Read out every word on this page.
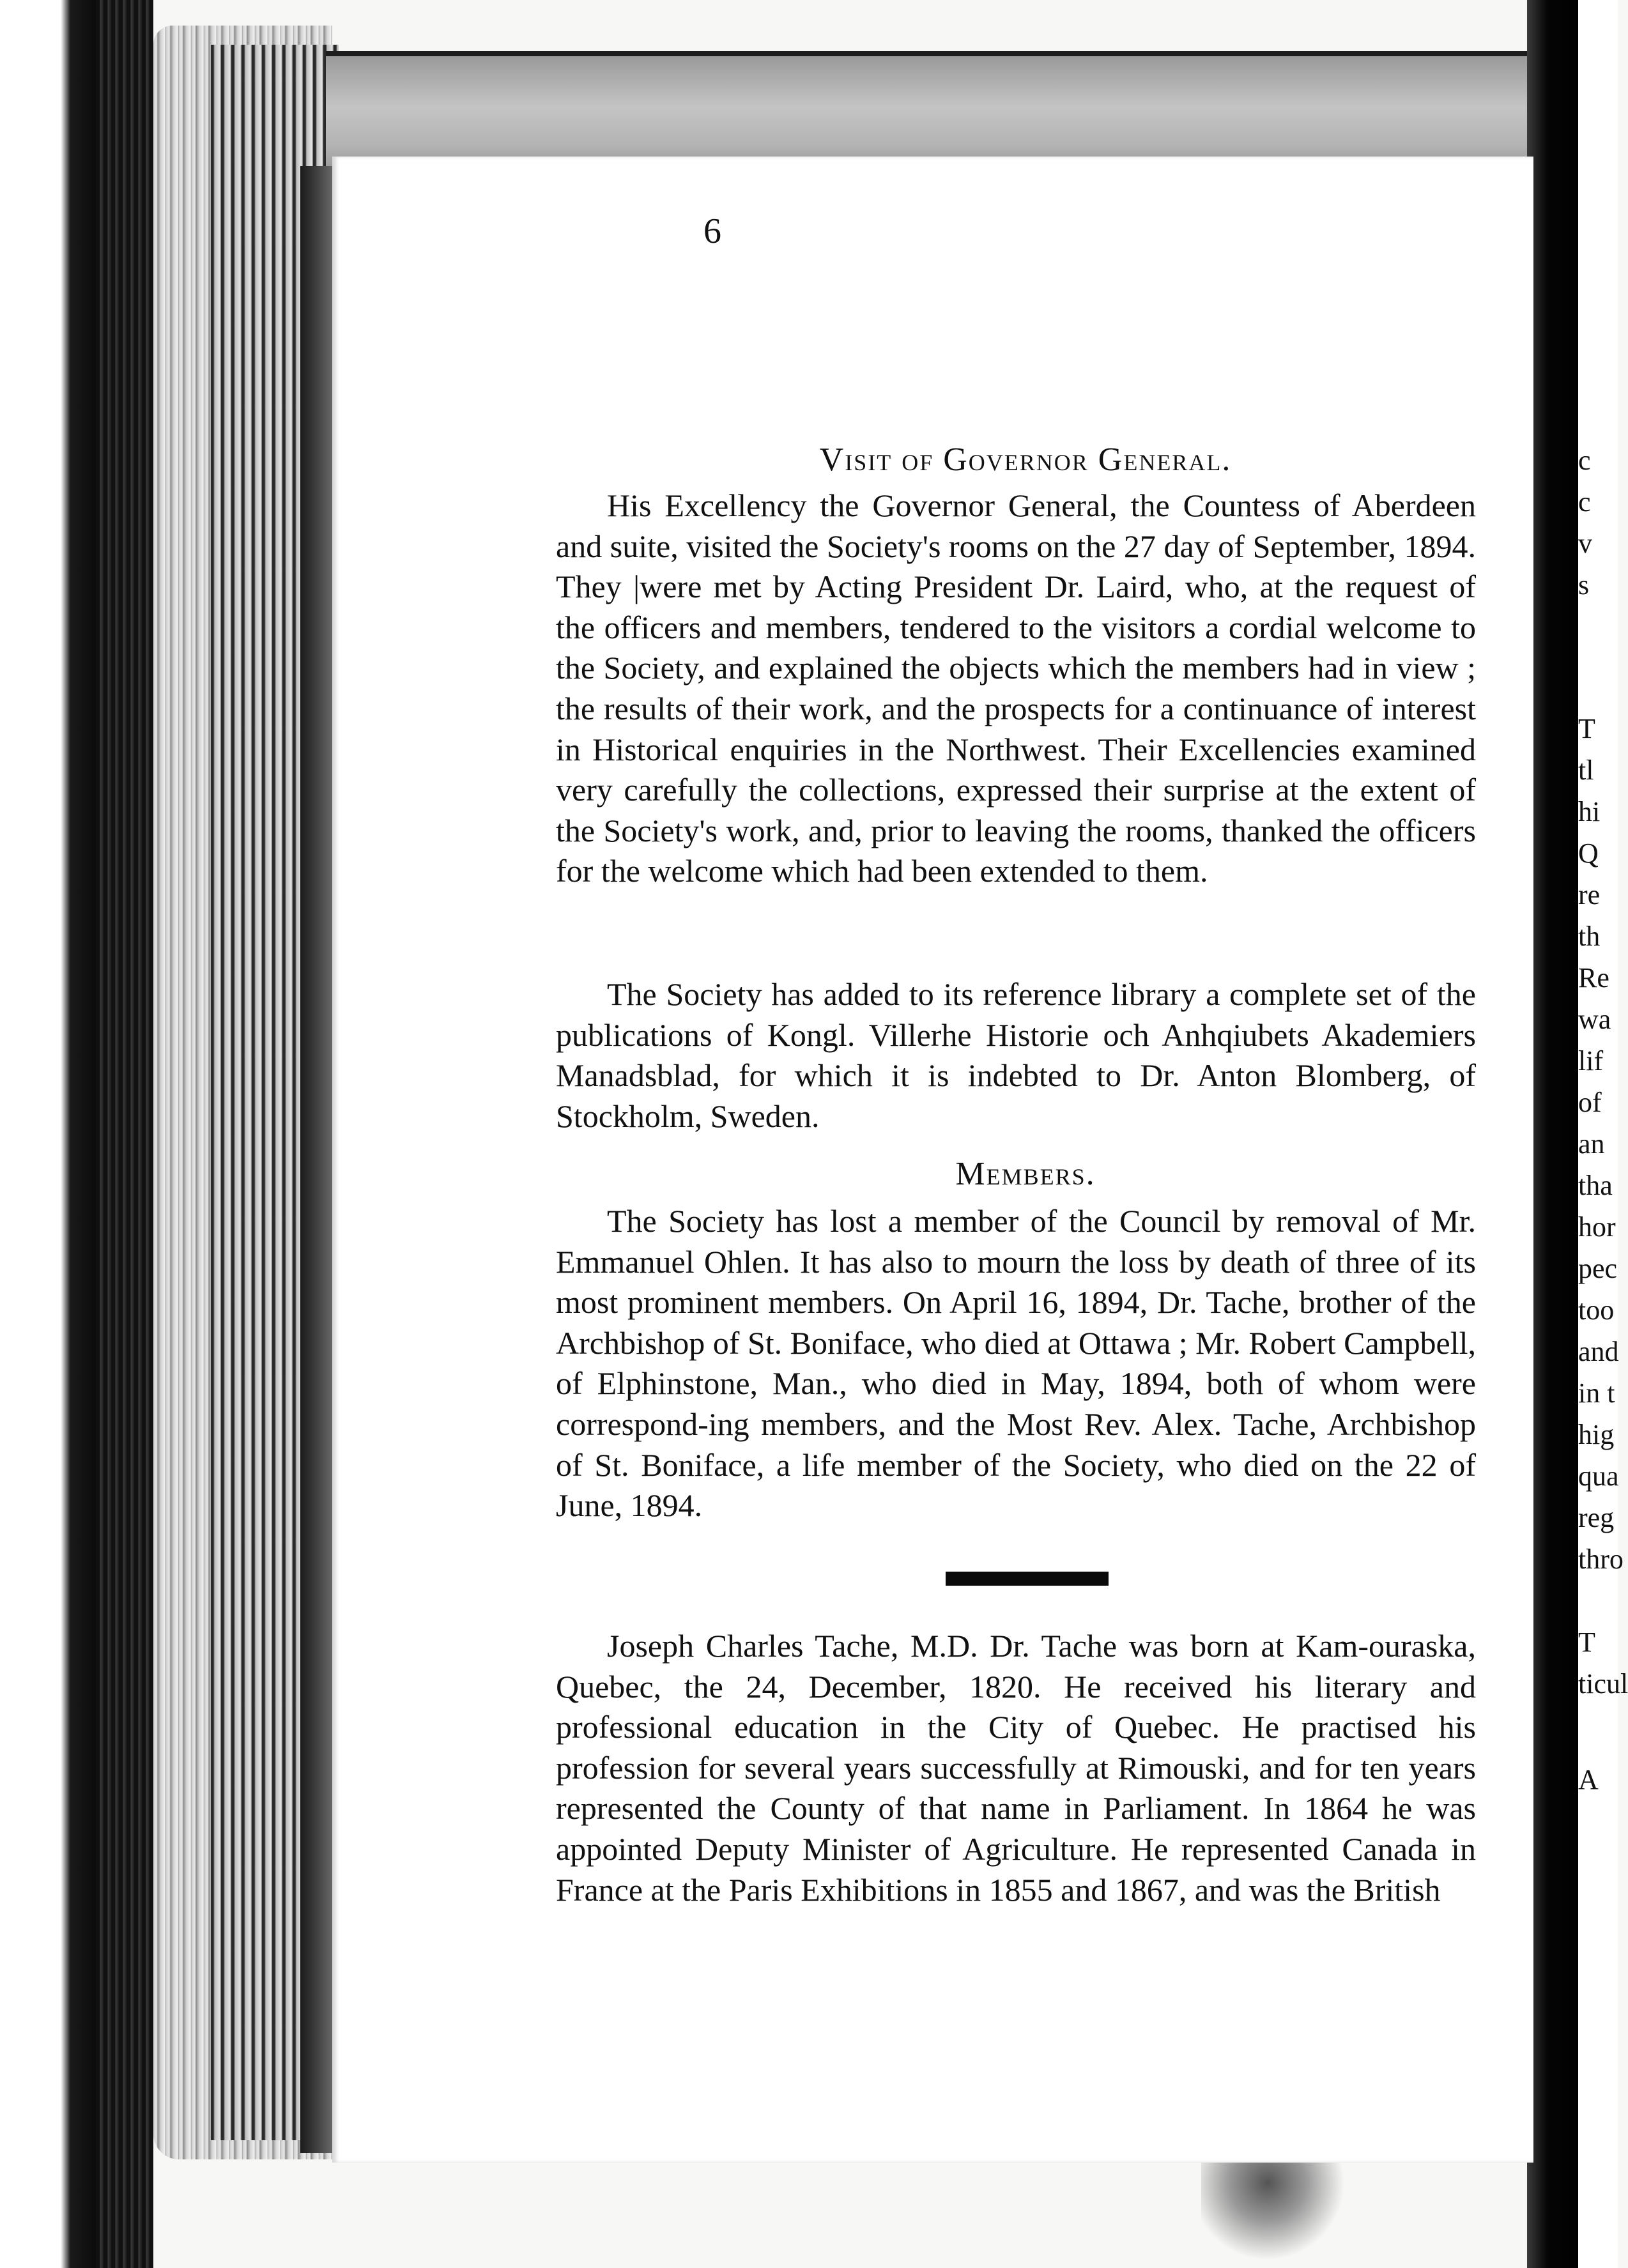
6
Visit of Governor General.

His Excellency the Governor General, the Countess of Aberdeen and suite, visited the Society's rooms on the 27 day of September, 1894. They |were met by Acting President Dr. Laird, who, at the request of the officers and members, tendered to the visitors a cordial welcome to the Society, and explained the objects which the members had in view ; the results of their work, and the prospects for a continuance of interest in Historical enquiries in the Northwest. Their Excellencies examined very carefully the collections, expressed their surprise at the extent of the Society's work, and, prior to leaving the rooms, thanked the officers for the welcome which had been extended to them.

The Society has added to its reference library a complete set of the publications of Kongl. Villerhe Historie och Anhqiubets Akademiers Manadsblad, for which it is indebted to Dr. Anton Blomberg, of Stockholm, Sweden.

Members.

The Society has lost a member of the Council by removal of Mr. Emmanuel Ohlen. It has also to mourn the loss by death of three of its most prominent members. On April 16, 1894, Dr. Tache, brother of the Archbishop of St. Boniface, who died at Ottawa ; Mr. Robert Campbell, of Elphinstone, Man., who died in May, 1894, both of whom were correspond-ing members, and the Most Rev. Alex. Tache, Archbishop of St. Boniface, a life member of the Society, who died on the 22 of June, 1894.

Joseph Charles Tache, M.D. Dr. Tache was born at Kam-ouraska, Quebec, the 24, December, 1820. He received his literary and professional education in the City of Quebec. He practised his profession for several years successfully at Rimouski, and for ten years represented the County of that name in Parliament. In 1864 he was appointed Deputy Minister of Agriculture. He represented Canada in France at the Paris Exhibitions in 1855 and 1867, and was the British

c
c
v
s
T
tl
hi
Q
re
th
Re
wa
lif
of
an
tha
hor
pec
too
and
in t
hig
qua
reg
thro
T
ticul
A
